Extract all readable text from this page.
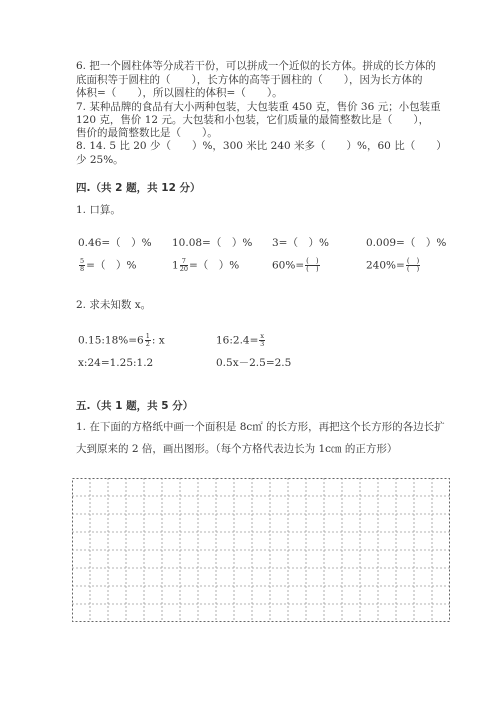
6. 把一个圆柱体等分成若干份，可以拼成一个近似的长方体。拼成的长方体的
底面积等于圆柱的（　　），长方体的高等于圆柱的（　　），因为长方体的
体积=（　　），所以圆柱的体积=（　　）。
7. 某种品牌的食品有大小两种包装，大包装重 450 克，售价 36 元；小包装重
120 克，售价 12 元。大包装和小包装，它们质量的最简整数比是（　　），
售价的最简整数比是（　　）。
8. 14. 5 比 20 少（　　）%，300 米比 240 米多（　　）%，60 比（　　）
少 25%。
四.（共 2 题，共 12 分）
1. 口算。
0.46=（　）% 10.08=（　）% 3=（　）%	0.009=（　）%
$\frac{5}{8}$ =（　）%	$1 \frac{7}{20}$ =（　）%	$60\%= \frac{( )}{( )}$	$240\%= \frac{( )}{( )}$
2. 求未知数 x。
0.15:18%=6 $\frac{1}{2}$ : x	16:2.4= $\frac{x}{3}$
x:24=1.25:1.2	0.5x－2.5=2.5
五.（共 1 题，共 5 分）
1. 在下面的方格纸中画一个面积是 8c㎡ 的长方形，再把这个长方形的各边长扩
大到原来的 2 倍，画出图形。（每个方格代表边长为 1c㎝ 的正方形）
